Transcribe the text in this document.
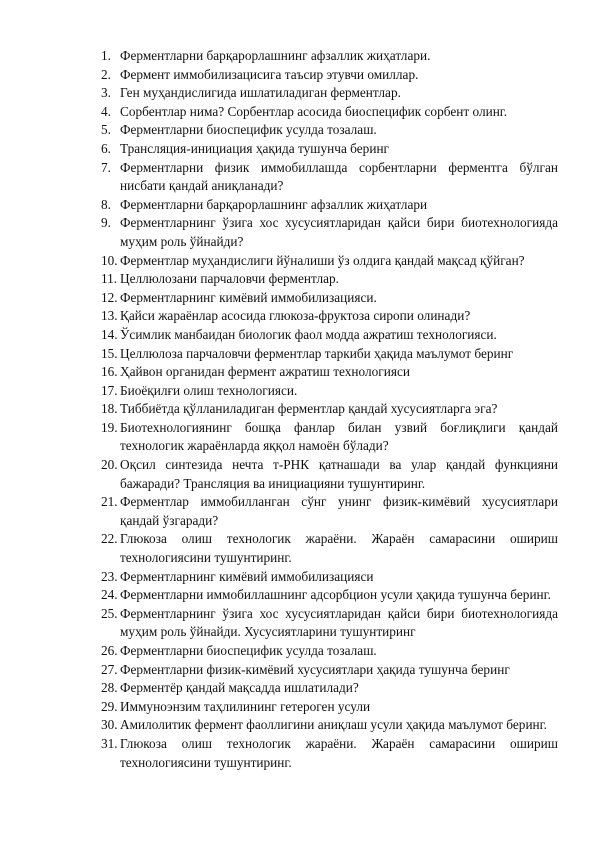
1. Ферментларни барқарорлашнинг афзаллик жиҳатлари.
2. Фермент иммобилизацисига таъсир этувчи омиллар.
3. Ген муҳандислигида ишлатиладиган ферментлар.
4. Сорбентлар нима? Сорбентлар асосида биоспецифик сорбент олинг.
5. Ферментларни биоспецифик усулда тозалаш.
6. Трансляция-инициация ҳақида тушунча беринг
7. Ферментларни физик иммобиллашда сорбентларни ферментга бўлган нисбати қандай аниқланади?
8. Ферментларни барқарорлашнинг афзаллик жиҳатлари
9. Ферментларнинг ўзига хос хусусиятларидан қайси бири биотехнологияда муҳим роль ўйнайди?
10. Ферментлар муҳандислиги йўналиши ўз олдига қандай мақсад қўйган?
11. Целлюлозани парчаловчи ферментлар.
12. Ферментларнинг кимёвий иммобилизацияси.
13. Қайси жараёнлар асосида глюкоза-фруктоза сиропи олинади?
14. Ўсимлик манбаидан биологик фаол модда ажратиш технологияси.
15. Целлюлоза парчаловчи ферментлар таркиби ҳақида маълумот беринг
16. Ҳайвон органидан фермент ажратиш технологияси
17. Биоёқилғи олиш технологияси.
18. Тиббиётда қўлланиладиган ферментлар қандай хусусиятларга эга?
19. Биотехнологиянинг бошқа фанлар билан узвий боғлиқлиги қандай технологик жараёнларда яққол намоён бўлади?
20. Оқсил синтезида нечта т-РНК қатнашади ва улар қандай функцияни бажаради? Трансляция ва инициацияни тушунтиринг.
21. Ферментлар иммобилланган сўнг унинг физик-кимёвий хусусиятлари қандай ўзгаради?
22. Глюкоза олиш технологик жараёни. Жараён самарасини ошириш технологиясини тушунтиринг.
23. Ферментларнинг кимёвий иммобилизацияси
24. Ферментларни иммобиллашнинг адсорбцион усули ҳақида тушунча беринг.
25. Ферментларнинг ўзига хос хусусиятларидан қайси бири биотехнологияда муҳим роль ўйнайди. Хусусиятларини тушунтиринг
26. Ферментларни биоспецифик усулда тозалаш.
27. Ферментларни физик-кимёвий хусусиятлари ҳақида тушунча беринг
28. Ферментёр қандай мақсадда ишлатилади?
29. Иммуноэнзим таҳлилининг гетероген усули
30. Амилолитик фермент фаоллигини аниқлаш усули ҳақида маълумот беринг.
31. Глюкоза олиш технологик жараёни. Жараён самарасини ошириш технологиясини тушунтиринг.
